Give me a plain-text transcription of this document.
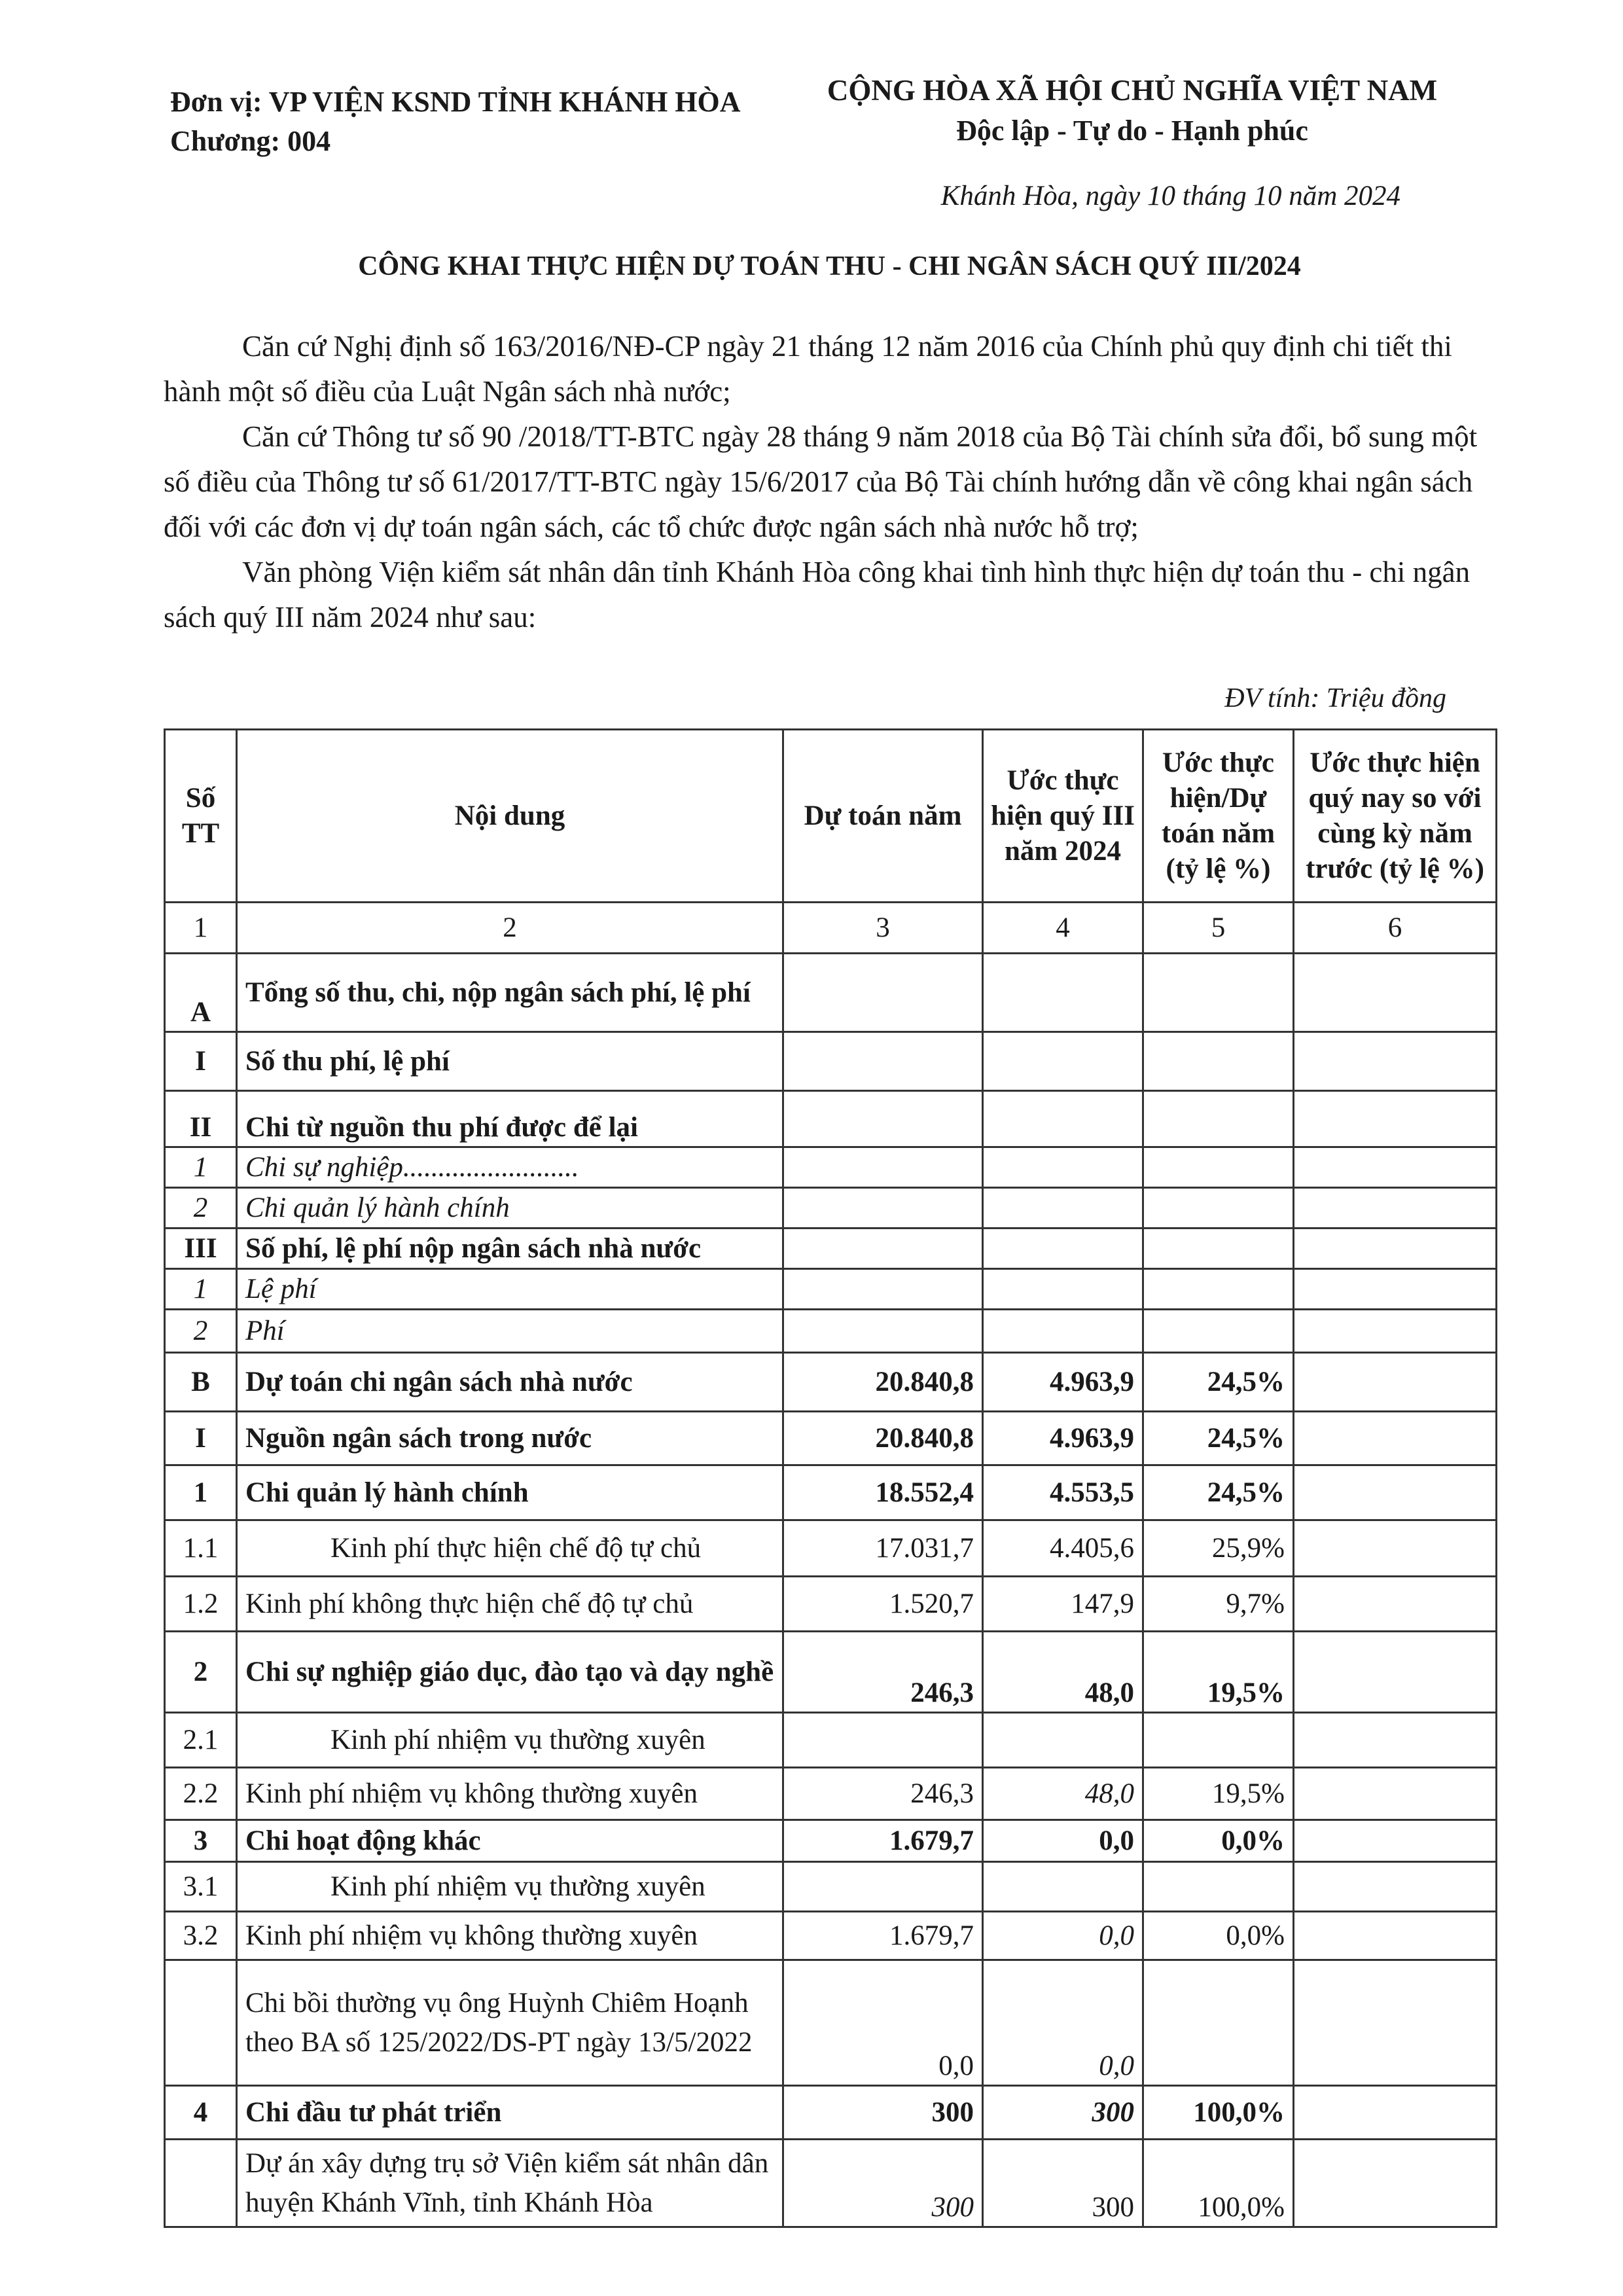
Đơn vị: VP VIỆN KSND TỈNH KHÁNH HÒA
Chương: 004
CỘNG HÒA XÃ HỘI CHỦ NGHĨA VIỆT NAM
Độc lập - Tự do - Hạnh phúc
Khánh Hòa, ngày 10 tháng 10 năm 2024
CÔNG KHAI THỰC HIỆN DỰ TOÁN THU - CHI NGÂN SÁCH QUÝ III/2024

Căn cứ Nghị định số 163/2016/NĐ-CP ngày 21 tháng 12 năm 2016 của Chính phủ quy định chi tiết thi hành một số điều của Luật Ngân sách nhà nước;

Căn cứ Thông tư số 90 /2018/TT-BTC ngày 28 tháng 9 năm 2018 của Bộ Tài chính sửa đổi, bổ sung một số điều của Thông tư số 61/2017/TT-BTC ngày 15/6/2017 của Bộ Tài chính hướng dẫn về công khai ngân sách đối với các đơn vị dự toán ngân sách, các tổ chức được ngân sách nhà nước hỗ trợ;

Văn phòng Viện kiểm sát nhân dân tỉnh Khánh Hòa công khai tình hình thực hiện dự toán thu - chi ngân sách quý III năm 2024 như sau:

ĐV tính: Triệu đồng
Số TT	Nội dung	Dự toán năm	Ước thực hiện quý III năm 2024	Ước thực hiện/Dự toán năm (tỷ lệ %)	Ước thực hiện quý nay so với cùng kỳ năm trước (tỷ lệ %)
1	2	3	4	5	6
A	Tổng số thu, chi, nộp ngân sách phí, lệ phí				
I	Số thu phí, lệ phí				
II	Chi từ nguồn thu phí được để lại				
1	Chi sự nghiệp.........................				
2	Chi quản lý hành chính				
III	Số phí, lệ phí nộp ngân sách nhà nước				
1	Lệ phí				
2	Phí				
B	Dự toán chi ngân sách nhà nước	20.840,8	4.963,9	24,5%	
I	Nguồn ngân sách trong nước	20.840,8	4.963,9	24,5%	
1	Chi quản lý hành chính	18.552,4	4.553,5	24,5%	
1.1	Kinh phí thực hiện chế độ tự chủ	17.031,7	4.405,6	25,9%	
1.2	Kinh phí không thực hiện chế độ tự chủ	1.520,7	147,9	9,7%	
2	Chi sự nghiệp giáo dục, đào tạo và dạy nghề	246,3	48,0	19,5%	
2.1	Kinh phí nhiệm vụ thường xuyên				
2.2	Kinh phí nhiệm vụ không thường xuyên	246,3	48,0	19,5%	
3	Chi hoạt động khác	1.679,7	0,0	0,0%	
3.1	Kinh phí nhiệm vụ thường xuyên				
3.2	Kinh phí nhiệm vụ không thường xuyên	1.679,7	0,0	0,0%	
	Chi bồi thường vụ ông Huỳnh Chiêm Hoạnh theo BA số 125/2022/DS-PT ngày 13/5/2022	0,0	0,0		
4	Chi đầu tư phát triển	300	300	100,0%	
	Dự án xây dựng trụ sở Viện kiểm sát nhân dân huyện Khánh Vĩnh, tỉnh Khánh Hòa	300	300	100,0%	
